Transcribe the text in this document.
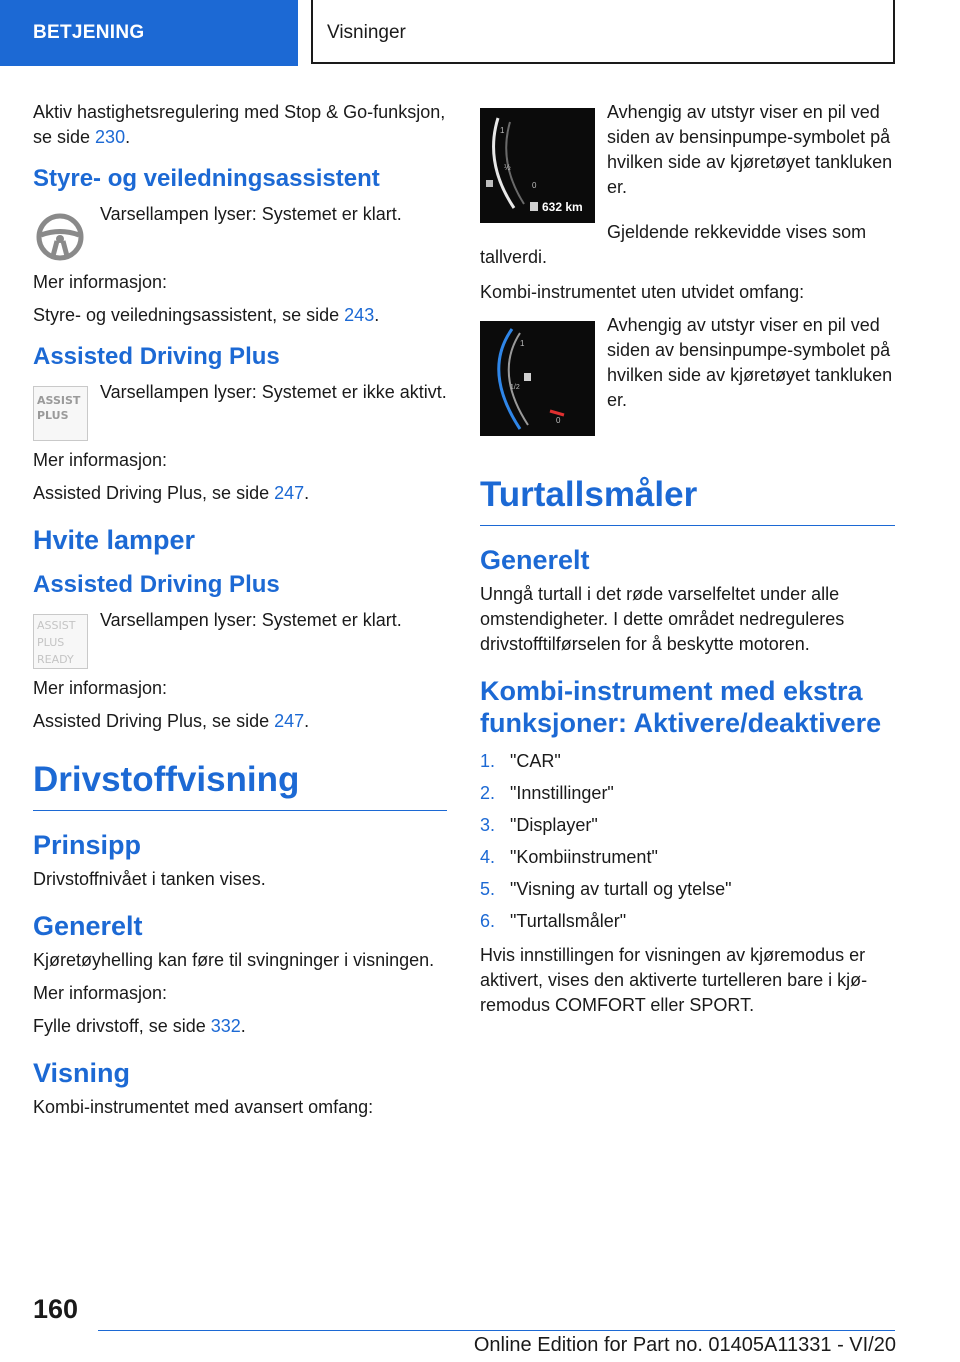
BETJENING	Visninger

Aktiv hastighetsregulering med Stop & Go-funksjon, se side 230.

Styre- og veiledningsassistent
Varsellampen lyser: Systemet er klart.

Mer informasjon:

Styre- og veiledningsassistent, se side 243.

Assisted Driving Plus
ASSIST
PLUS
Varsellampen lyser: Systemet er ikke aktivt.

Mer informasjon:

Assisted Driving Plus, se side 247.

Hvite lamper
Assisted Driving Plus
ASSIST
PLUS
READY
Varsellampen lyser: Systemet er klart.

Mer informasjon:

Assisted Driving Plus, se side 247.

Drivstoffvisning
Prinsipp

Drivstoffnivået i tanken vises.

Generelt

Kjøretøyhelling kan føre til svingninger i visningen.

Mer informasjon:

Fylle drivstoff, se side 332.

Visning

Kombi-instrumentet med avansert omfang:

1
½
0
632 km
Avhengig av utstyr viser en pil ved siden av bensinpumpe-symbolet på hvilken side av kjøretøyet tankluken er.

Gjeldende rekkevidde vises som tallverdi.

Kombi-instrumentet uten utvidet omfang:

1
1/2
0
Avhengig av utstyr viser en pil ved siden av bensinpumpe-symbolet på hvilken side av kjøretøyet tankluken er.
Turtallsmåler
Generelt

Unngå turtall i det røde varselfeltet under alle omstendigheter. I dette området nedreguleres drivstofftilførselen for å beskytte motoren.

Kombi-instrument med ekstra funksjoner: Aktivere/deaktivere
1. "CAR"
2. "Innstillinger"
3. "Displayer"
4. "Kombiinstrument"
5. "Visning av turtall og ytelse"
6. "Turtallsmåler"

Hvis innstillingen for visningen av kjøremodus er aktivert, vises den aktiverte turtelleren bare i kjøremodus COMFORT eller SPORT.

160
Online Edition for Part no. 01405A11331 - VI/20
